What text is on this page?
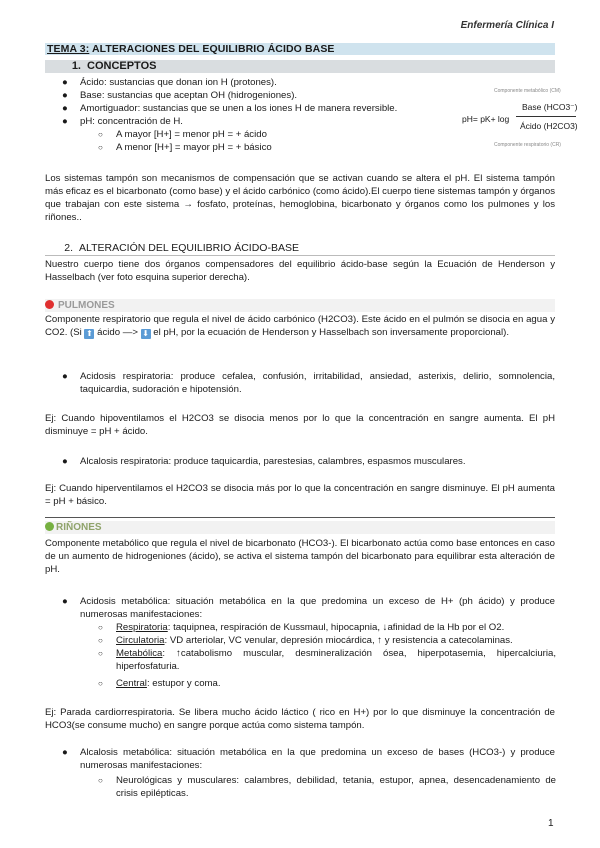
Enfermería Clínica I
TEMA 3: ALTERACIONES DEL EQUILIBRIO ÁCIDO BASE
1. CONCEPTOS
● Ácido: sustancias que donan ion H (protones).
● Base: sustancias que aceptan OH (hidrogeniones).
● Amortiguador: sustancias que se unen a los iones H de manera reversible.
● pH: concentración de H.
○ A mayor [H+] = menor pH = + ácido
○ A menor [H+] = mayor pH = + básico
Componente metabólico (CM)
pH= pK+ log
Base (HCO3⁻)
Ácido (H2CO3)
Componente respiratorio (CR)

Los sistemas tampón son mecanismos de compensación que se activan cuando se altera el pH. El sistema tampón más eficaz es el bicarbonato (como base) y el ácido carbónico (como ácido).El cuerpo tiene sistemas tampón y órganos que trabajan con este sistema → fosfato, proteínas, hemoglobina, bicarbonato y órganos como los pulmones y los riñones..

2. ALTERACIÓN DEL EQUILIBRIO ÁCIDO-BASE

Nuestro cuerpo tiene dos órganos compensadores del equilibrio ácido-base según la Ecuación de Henderson y Hasselbach (ver foto esquina superior derecha).

PULMONES

Componente respiratorio que regula el nivel de ácido carbónico (H2CO3). Este ácido en el pulmón se disocia en agua y CO2. (Si ⬆ ácido —> ⬇ el pH, por la ecuación de Henderson y Hasselbach son inversamente proporcional).

● Acidosis respiratoria: produce cefalea, confusión, irritabilidad, ansiedad, asterixis, delirio, somnolencia, taquicardia, sudoración e hipotensión.

Ej: Cuando hipoventilamos el H2CO3 se disocia menos por lo que la concentración en sangre aumenta. El pH disminuye = pH + ácido.

● Alcalosis respiratoria: produce taquicardia, parestesias, calambres, espasmos musculares.

Ej: Cuando hiperventilamos el H2CO3 se disocia más por lo que la concentración en sangre disminuye. El pH aumenta = pH + básico.

RIÑONES

Componente metabólico que regula el nivel de bicarbonato (HCO3-). El bicarbonato actúa como base entonces en caso de un aumento de hidrogeniones (ácido), se activa el sistema tampón del bicarbonato para equilibrar esta alteración de pH.

● Acidosis metabólica: situación metabólica en la que predomina un exceso de H+ (ph ácido) y produce numerosas manifestaciones:
○ Respiratoria: taquipnea, respiración de Kussmaul, hipocapnia, ↓afinidad de la Hb por el O2.
○ Circulatoria: VD arteriolar, VC venular, depresión miocárdica, ↑ y resistencia a catecolaminas.
○ Metabólica: ↑catabolismo muscular, desmineralización ósea, hiperpotasemia, hipercalciuria, hiperfosfaturia.
○ Central: estupor y coma.

Ej: Parada cardiorrespiratoria. Se libera mucho ácido láctico ( rico en H+) por lo que disminuye la concentración de HCO3(se consume mucho) en sangre porque actúa como sistema tampón.

● Alcalosis metabólica: situación metabólica en la que predomina un exceso de bases (HCO3-) y produce numerosas manifestaciones:
○ Neurológicas y musculares: calambres, debilidad, tetania, estupor, apnea, desencadenamiento de crisis epilépticas.
1
